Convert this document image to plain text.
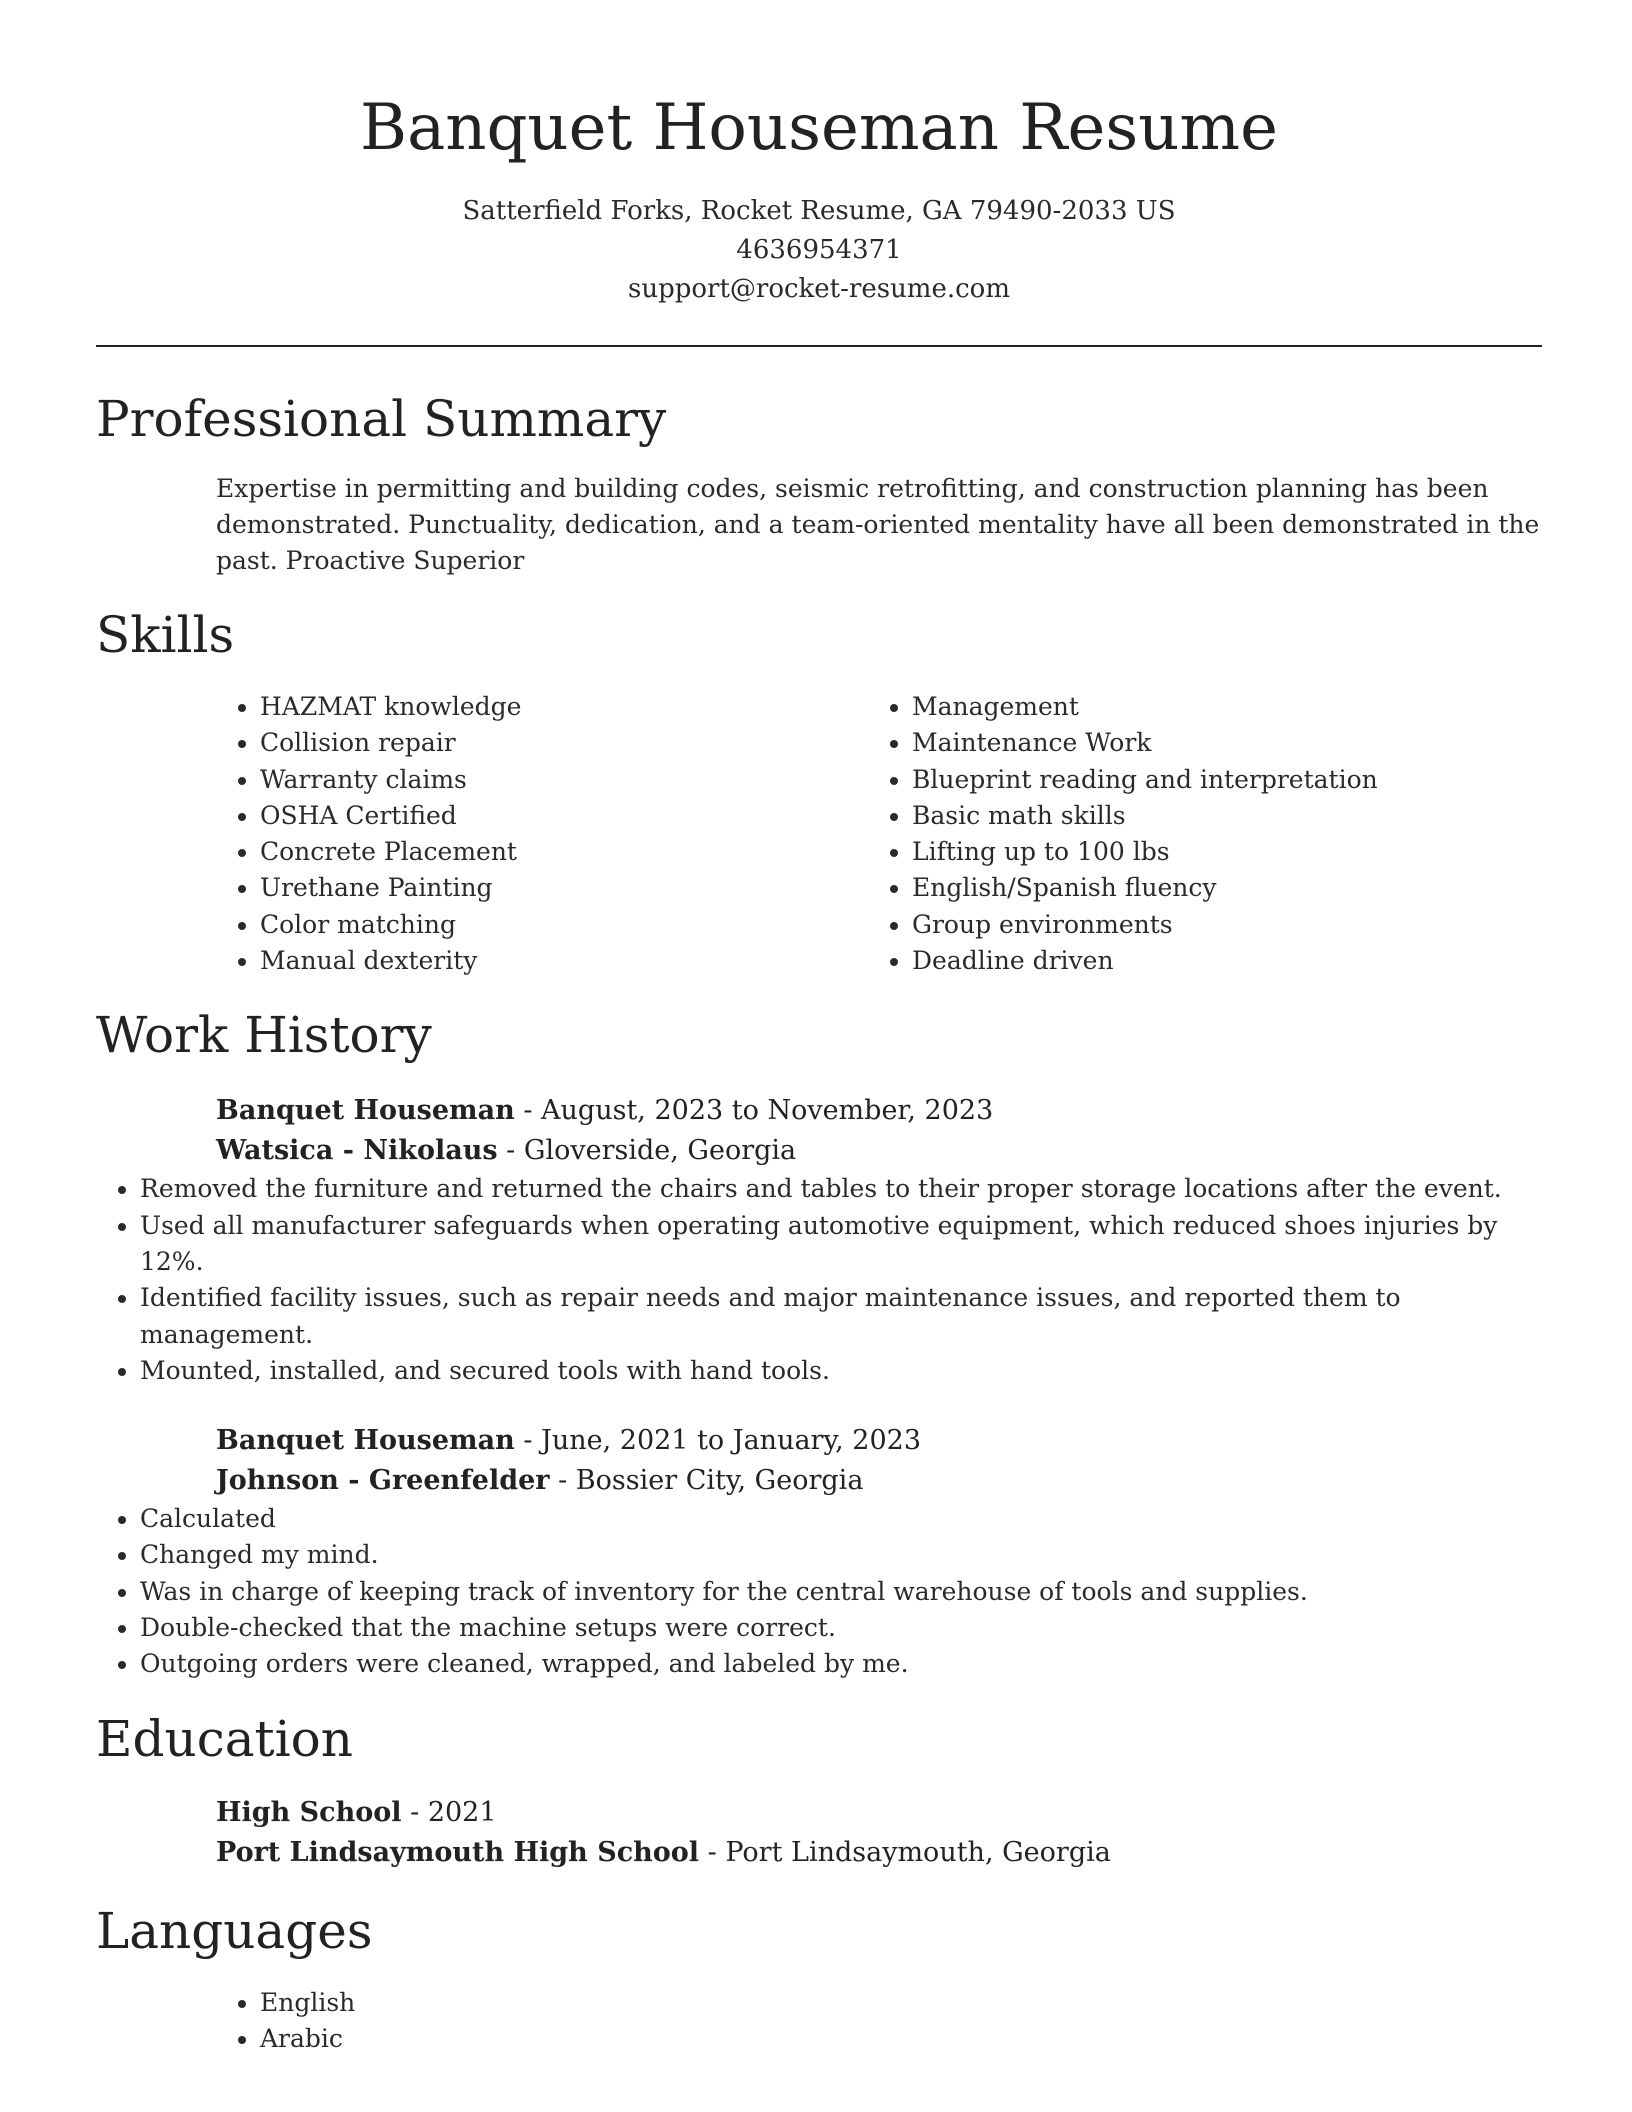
Banquet Houseman Resume
Satterfield Forks, Rocket Resume, GA 79490-2033 US
4636954371
support@rocket-resume.com
Professional Summary
Expertise in permitting and building codes, seismic retrofitting, and construction planning has been demonstrated. Punctuality, dedication, and a team-oriented mentality have all been demonstrated in the past. Proactive Superior
Skills
• HAZMAT knowledge
• Collision repair
• Warranty claims
• OSHA Certified
• Concrete Placement
• Urethane Painting
• Color matching
• Manual dexterity
• Management
• Maintenance Work
• Blueprint reading and interpretation
• Basic math skills
• Lifting up to 100 lbs
• English/Spanish fluency
• Group environments
• Deadline driven
Work History
Banquet Houseman - August, 2023 to November, 2023
Watsica - Nikolaus - Gloverside, Georgia
• Removed the furniture and returned the chairs and tables to their proper storage locations after the event.
• Used all manufacturer safeguards when operating automotive equipment, which reduced shoes injuries by 12%.
• Identified facility issues, such as repair needs and major maintenance issues, and reported them to management.
• Mounted, installed, and secured tools with hand tools.
Banquet Houseman - June, 2021 to January, 2023
Johnson - Greenfelder - Bossier City, Georgia
• Calculated
• Changed my mind.
• Was in charge of keeping track of inventory for the central warehouse of tools and supplies.
• Double-checked that the machine setups were correct.
• Outgoing orders were cleaned, wrapped, and labeled by me.
Education
High School - 2021
Port Lindsaymouth High School - Port Lindsaymouth, Georgia
Languages
• English
• Arabic
